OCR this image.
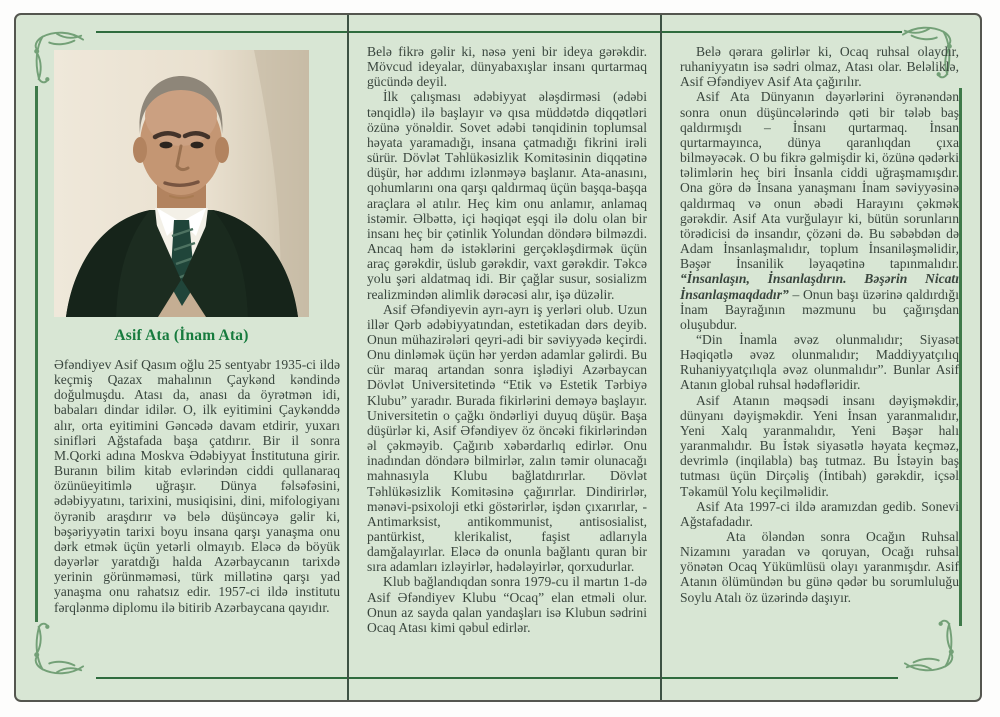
Asif Ata (İnam Ata)

Əfəndiyev Asif Qasım oğlu 25 sentyabr 1935-ci ildə keçmiş Qazax mahalının Çaykənd kəndində doğulmuşdu. Atası da, anası da öyrətmən idi, babaları dindar idilər. O, ilk eyitimini Çaykənddə alır, orta eyitimini Gəncədə davam etdirir, yuxarı sinifləri Ağstafada başa çatdırır. Bir il sonra M.Qorki adına Moskva Ədəbiyyat İnstitutuna girir. Buranın bilim kitab evlərindən ciddi qullanaraq özünüeyitimlə uğraşır. Dünya fəlsəfəsini, ədəbiyyatını, tarixini, musiqisini, dini, mifologiyanı öyrənib araşdırır və belə düşüncəyə gəlir ki, bəşəriyyətin tarixi boyu insana qarşı yanaşma onu dərk etmək üçün yetərli olmayıb. Eləcə də böyük dəyərlər yaratdığı halda Azərbaycanın tarixdə yerinin görünməməsi, türk millətinə qarşı yad yanaşma onu rahatsız edir. 1957-ci ildə institutu fərqlənmə diplomu ilə bitirib Azərbaycana qayıdır.

Belə fikrə gəlir ki, nəsə yeni bir ideya gərəkdir. Mövcud ideyalar, dünyabaxışlar insanı qurtarmaq gücündə deyil.

İlk çalışması ədəbiyyat ələşdirməsi (ədəbi tənqidlə) ilə başlayır və qısa müddətdə diqqətləri özünə yönəldir. Sovet ədəbi tənqidinin toplumsal həyata yaramadığı, insana çatmadığı fikrini irəli sürür. Dövlət Təhlükəsizlik Komitəsinin diqqətinə düşür, hər addımı izlənməyə başlanır. Ata-anasını, qohumlarını ona qarşı qaldırmaq üçün başqa-başqa araçlara əl atılır. Heç kim onu anlamır, anlamaq istəmir. Əlbəttə, içi həqiqət eşqi ilə dolu olan bir insanı heç bir çətinlik Yolundan döndərə bilməzdi. Ancaq həm də istəklərini gerçəkləşdirmək üçün araç gərəkdir, üslub gərəkdir, vaxt gərəkdir. Təkcə yolu şəri aldatmaq idi. Bir çağlar susur, sosializm realizmindən alimlik dərəcəsi alır, işə düzəlir.

Asif Əfəndiyevin ayrı-ayrı iş yerləri olub. Uzun illər Qərb ədəbiyyatından, estetikadan dərs deyib. Onun mühazirələri qeyri-adi bir səviyyədə keçirdi. Onu dinləmək üçün hər yerdən adamlar gəlirdi. Bu cür maraq artandan sonra işlədiyi Azərbaycan Dövlət Universitetində “Etik və Estetik Tərbiyə Klubu” yaradır. Burada fikirlərini deməyə başlayır. Universitetin o çağkı öndərliyi duyuq düşür. Başa düşürlər ki, Asif Əfəndiyev öz öncəki fikirlərindən əl çəkməyib. Çağırıb xəbərdarlıq edirlər. Onu inadından döndərə bilmirlər, zalın təmir olunacağı mahnasıyla Klubu bağlatdırırlar. Dövlət Təhlükəsizlik Komitəsinə çağırırlar. Dindirirlər, mənəvi-psixoloji etki göstərirlər, işdən çıxarırlar, - Antimarksist, antikommunist, antisosialist, pantürkist, klerikalist, faşist adlarıyla damğalayırlar. Eləcə də onunla bağlantı quran bir sıra adamları izləyirlər, hədələyirlər, qorxudurlar.

Klub bağlandıqdan sonra 1979-cu il martın 1-də Asif Əfəndiyev Klubu “Ocaq” elan etməli olur. Onun az sayda qalan yandaşları isə Klubun sədrini Ocaq Atası kimi qəbul edirlər.

Belə qərara gəlirlər ki, Ocaq ruhsal olaydır, ruhaniyyatın isə sədri olmaz, Atası olar. Beləliklə, Asif Əfəndiyev Asif Ata çağırılır.

Asif Ata Dünyanın dəyərlərini öyrənəndən sonra onun düşüncələrində qəti bir tələb baş qaldırmışdı – İnsanı qurtarmaq. İnsan qurtarmayınca, dünya qaranlıqdan çıxa bilməyəcək. O bu fikrə gəlmişdir ki, özünə qədərki təlimlərin heç biri İnsanla ciddi uğraşmamışdır. Ona görə də İnsana yanaşmanı İnam səviyyəsinə qaldırmaq və onun əbədi Harayını çəkmək gərəkdir. Asif Ata vurğulayır ki, bütün sorunların törədicisi də insandır, çözəni də. Bu səbəbdən də Adam İnsanlaşmalıdır, toplum İnsaniləşməlidir, Bəşər İnsanilik ləyaqətinə tapınmalıdır. “İnsanlaşın, İnsanlaşdırın. Bəşərin Nicatı İnsanlaşmaqdadır” – Onun başı üzərinə qaldırdığı İnam Bayrağının məzmunu bu çağırışdan oluşubdur.

“Din İnamla əvəz olunmalıdır; Siyasət Həqiqətlə əvəz olunmalıdır; Maddiyyatçılıq Ruhaniyyatçılıqla əvəz olunmalıdır”. Bunlar Asif Atanın global ruhsal hədəfləridir.

Asif Atanın məqsədi insanı dəyişməkdir, dünyanı dəyişməkdir. Yeni İnsan yaranmalıdır, Yeni Xalq yaranmalıdır, Yeni Bəşər halı yaranmalıdır. Bu İstək siyasətlə həyata keçməz, devrimlə (inqilabla) baş tutmaz. Bu İstəyin baş tutması üçün Dirçəliş (İntibah) gərəkdir, içsəl Təkamül Yolu keçilməlidir.

Asif Ata 1997-ci ildə aramızdan gedib. Sonevi Ağstafadadır.

Ata öləndən sonra Ocağın Ruhsal Nizamını yaradan və qoruyan, Ocağı ruhsal yönətən Ocaq Yükümlüsü olayı yaranmışdır. Asif Atanın ölümündən bu günə qədər bu sorumluluğu Soylu Atalı öz üzərində daşıyır.
